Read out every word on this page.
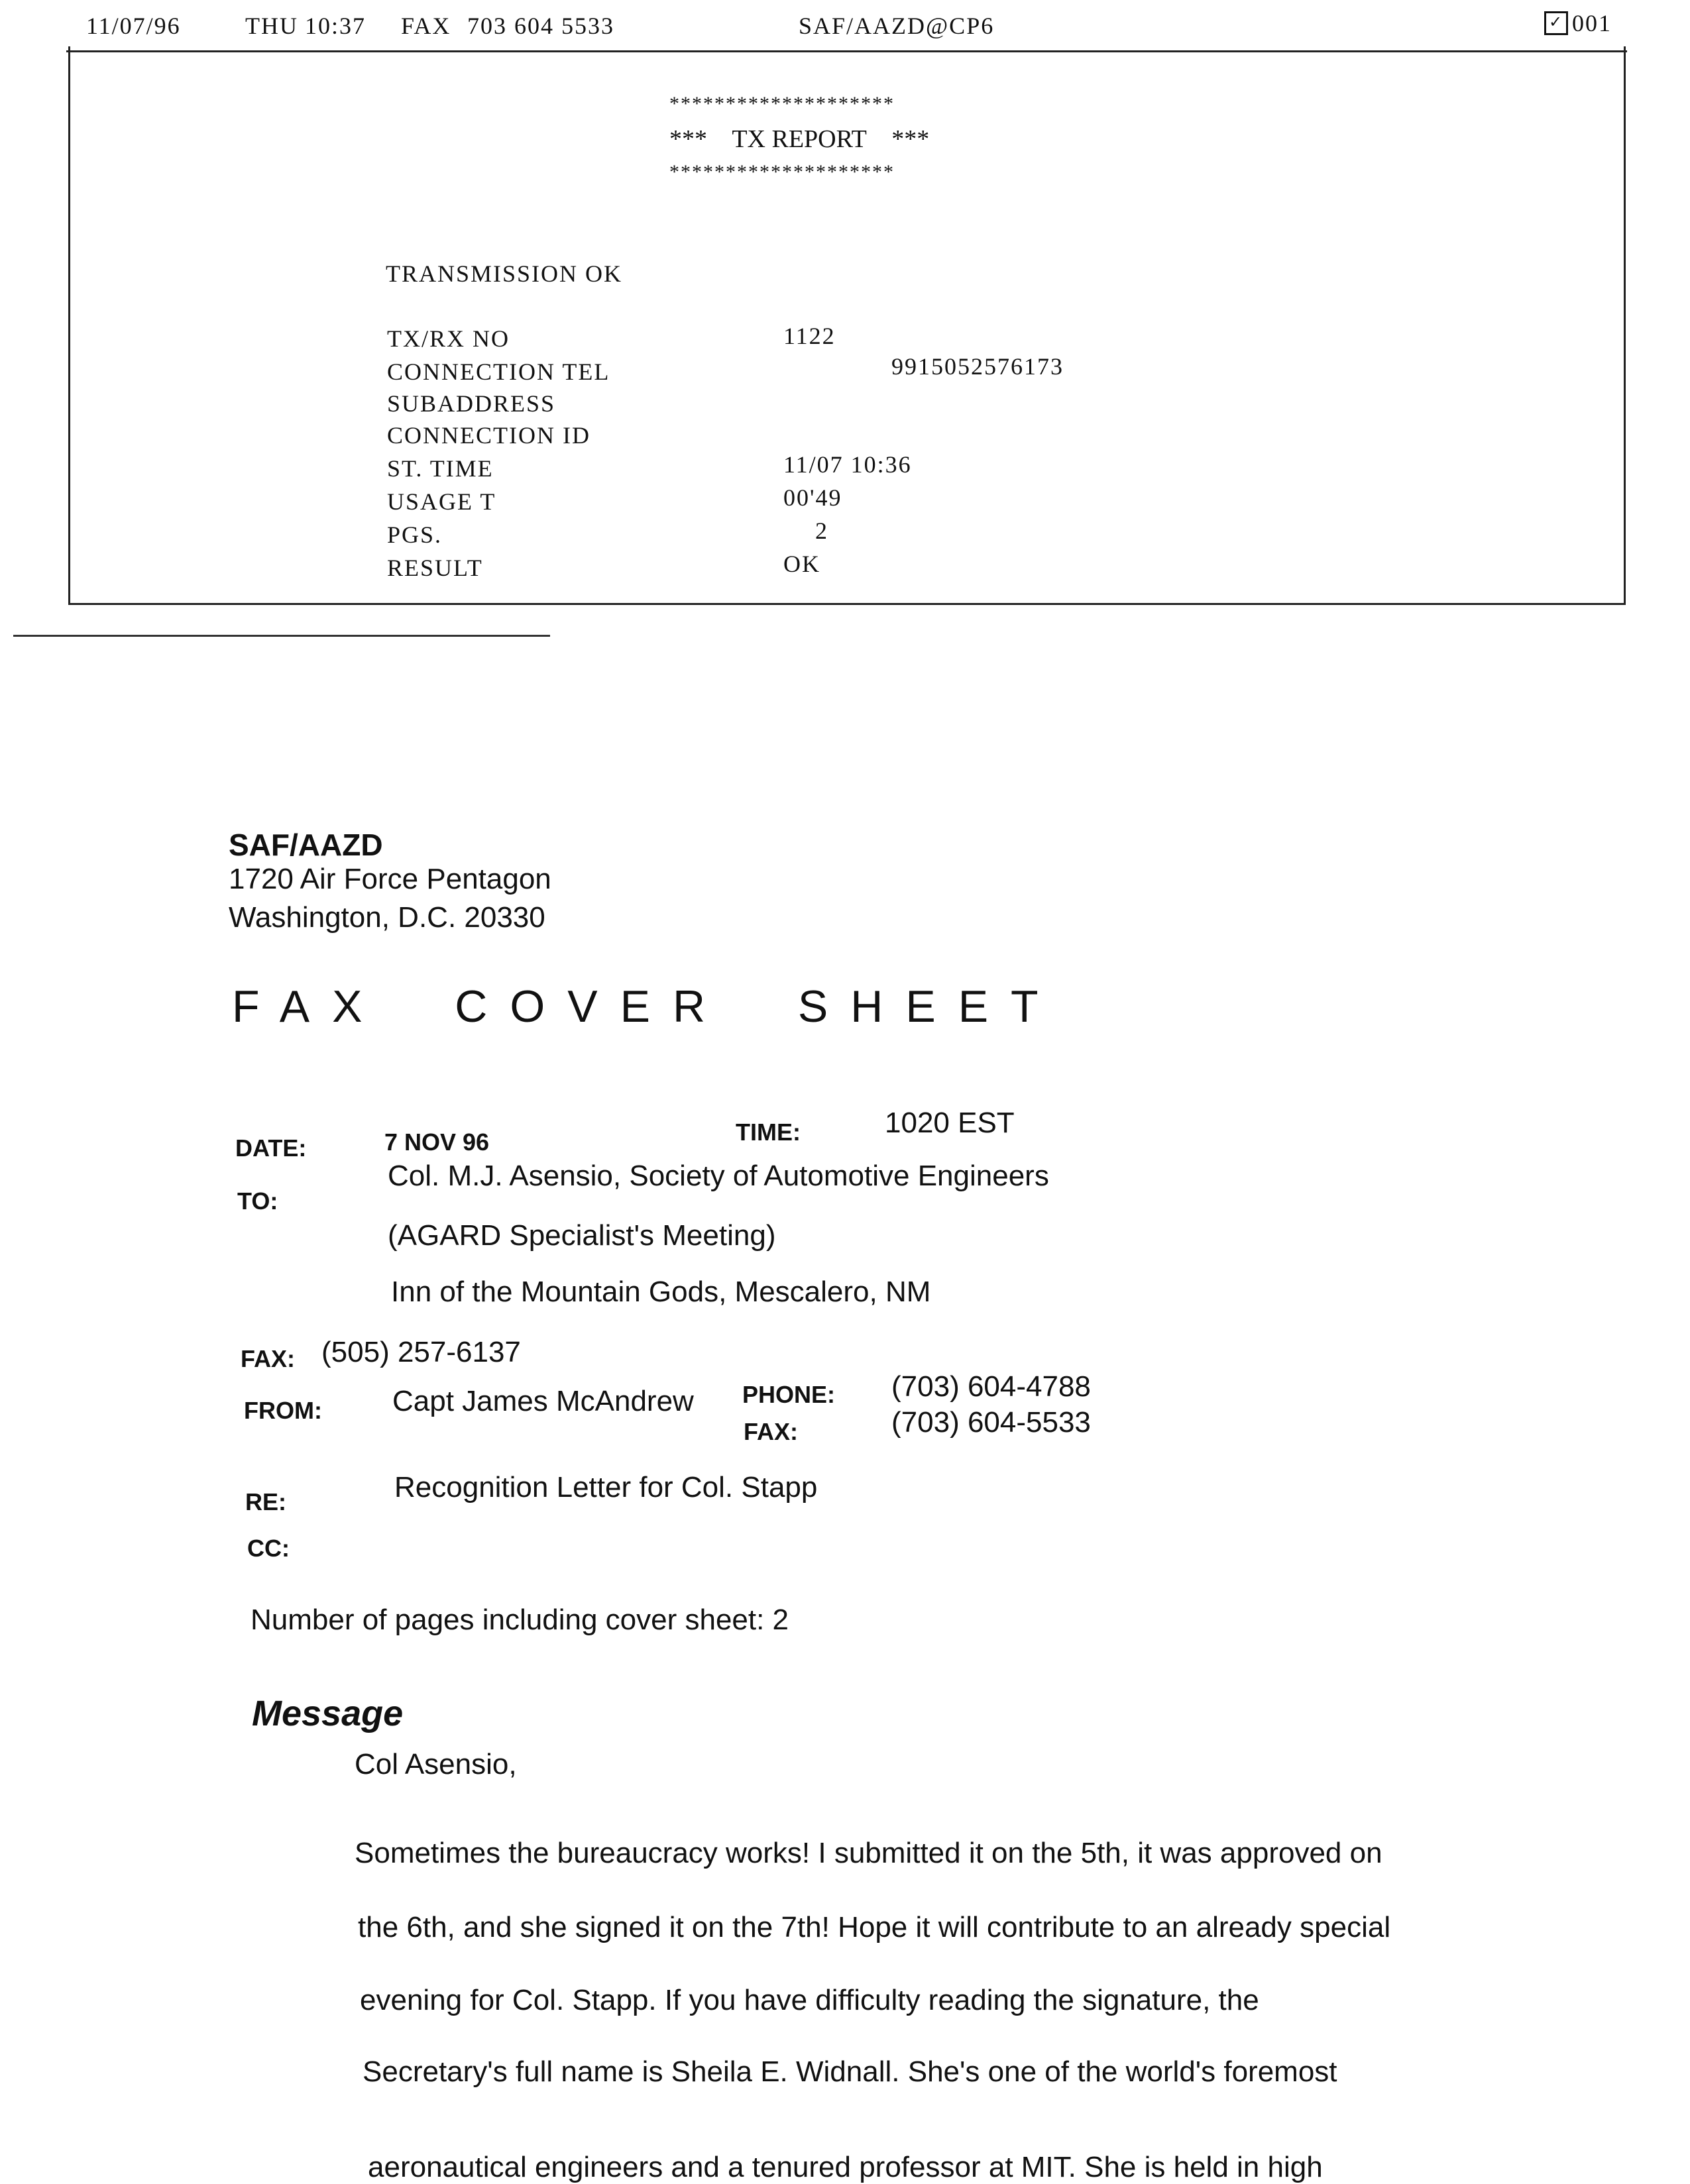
11/07/96	THU 10:37 FAX 703 604 5533	SAF/AAZD@CP6	✓ 001
********************
***    TX REPORT    ***
********************
TRANSMISSION OK
TX/RX NO	1122
CONNECTION TEL	9915052576173
SUBADDRESS
CONNECTION ID
ST. TIME	11/07 10:36
USAGE T	00'49
PGS.	2
RESULT	OK
SAF/AAZD
1720 Air Force Pentagon
Washington, D.C. 20330
FAX  COVER  SHEET
DATE:	7 NOV 96	TIME:	1020 EST
TO:
Col. M.J. Asensio, Society of Automotive Engineers
(AGARD Specialist's Meeting)
Inn of the Mountain Gods, Mescalero, NM
FAX: (505) 257-6137
FROM: Capt James McAndrew PHONE: (703) 604-4788
FAX:	(703) 604-5533
RE:	Recognition Letter for Col. Stapp
CC:
Number of pages including cover sheet: 2
Message
Col Asensio,
Sometimes the bureaucracy works! I submitted it on the 5th, it was approved on
the 6th, and she signed it on the 7th! Hope it will contribute to an already special
evening for Col. Stapp. If you have difficulty reading the signature, the
Secretary's full name is Sheila E. Widnall. She's one of the world's foremost
aeronautical engineers and a tenured professor at MIT. She is held in high
